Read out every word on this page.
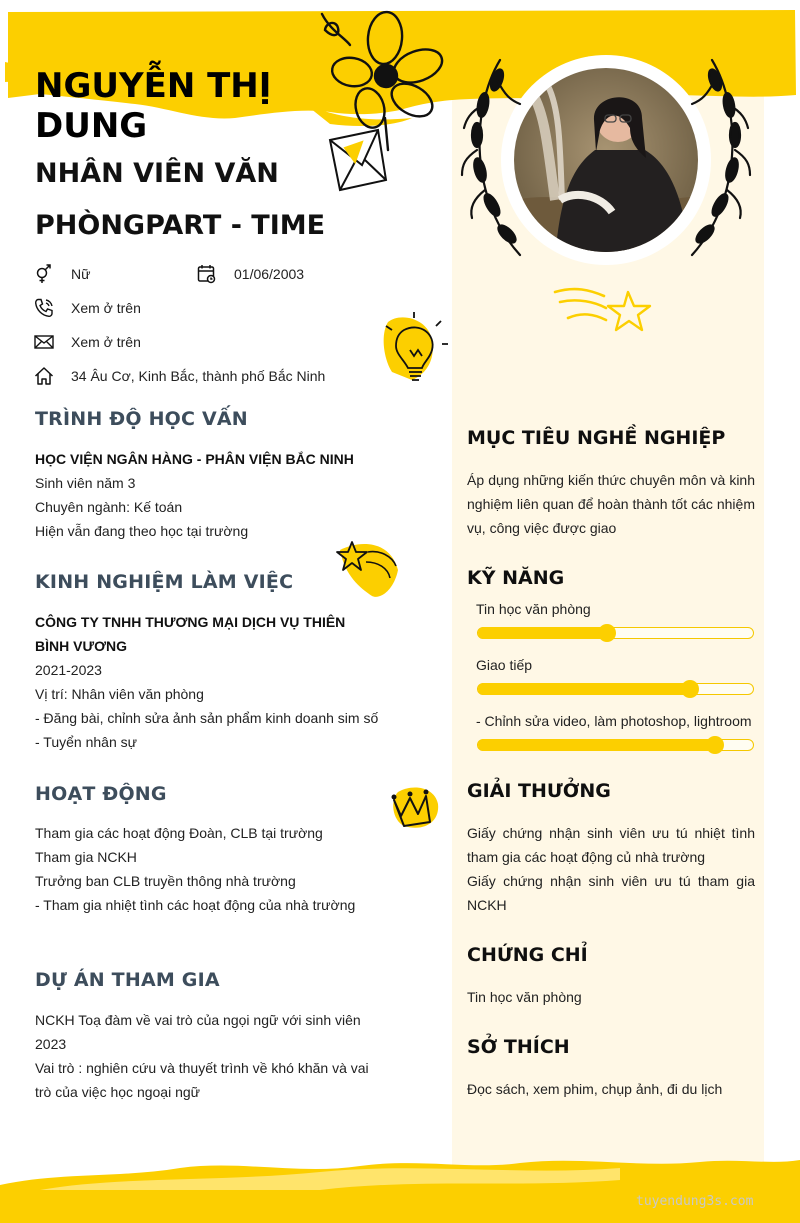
NGUYỄN THỊ DUNG
NHÂN VIÊN VĂN PHÒNGPART - TIME
Nữ	01/06/2003
Xem ở trên
Xem ở trên
34 Âu Cơ, Kinh Bắc, thành phố Bắc Ninh
TRÌNH ĐỘ HỌC VẤN
HỌC VIỆN NGÂN HÀNG - PHÂN VIỆN BẮC NINH
Sinh viên năm 3
Chuyên ngành: Kế toán
Hiện vẫn đang theo học tại trường
KINH NGHIỆM LÀM VIỆC
CÔNG TY TNHH THƯƠNG MẠI DỊCH VỤ THIÊN BÌNH VƯƠNG
2021-2023
Vị trí: Nhân viên văn phòng
- Đăng bài, chỉnh sửa ảnh sản phẩm kinh doanh sim số
- Tuyển nhân sự
HOẠT ĐỘNG
Tham gia các hoạt động Đoàn, CLB tại trường
Tham gia NCKH
Trưởng ban CLB truyền thông nhà trường
- Tham gia nhiệt tình các hoạt động của nhà trường
DỰ ÁN THAM GIA
NCKH Toạ đàm về vai trò của ngọi ngữ với sinh viên 2023
Vai trò : nghiên cứu và thuyết trình về khó khăn và vai trò của việc học ngoại ngữ
MỤC TIÊU NGHỀ NGHIỆP

Áp dụng những kiến thức chuyên môn và kinh nghiệm liên quan để hoàn thành tốt các nhiệm vụ, công việc được giao

KỸ NĂNG
Tin học văn phòng
Giao tiếp
- Chỉnh sửa video, làm photoshop, lightroom
GIẢI THƯỞNG
Giấy chứng nhận sinh viên ưu tú nhiệt tình tham gia các hoạt động củ nhà trường
Giấy chứng nhận sinh viên ưu tú tham gia NCKH
CHỨNG CHỈ
Tin học văn phòng
SỞ THÍCH
Đọc sách, xem phim, chụp ảnh, đi du lịch
tuyendung3s.com
